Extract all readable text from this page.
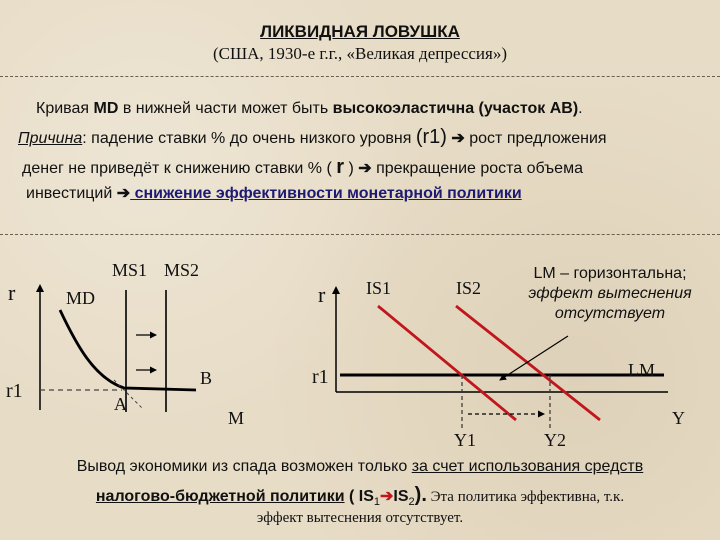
ЛИКВИДНАЯ ЛОВУШКА
(США, 1930-е г.г., «Великая депрессия»)
Кривая MD в нижней части может быть высокоэластична (участок АВ).
Причина: падение ставки % до очень низкого уровня (r1) ➔ рост предложения
денег не приведёт к снижению ставки % ( r ) ➔ прекращение роста объема
инвестиций ➔ снижение эффективности монетарной политики
r
r1
MD
MS1 MS2
A
B
M
r
r1
IS1	IS2
LM
Y
Y1	Y2
LM – горизонтальна;
эффект вытеснения
отсутствует
Вывод экономики из спада возможен только за счет использования средств
налогово-бюджетной политики ( $IS_1➔IS_2$). Эта политика эффективна, т.к.
эффект вытеснения отсутствует.
